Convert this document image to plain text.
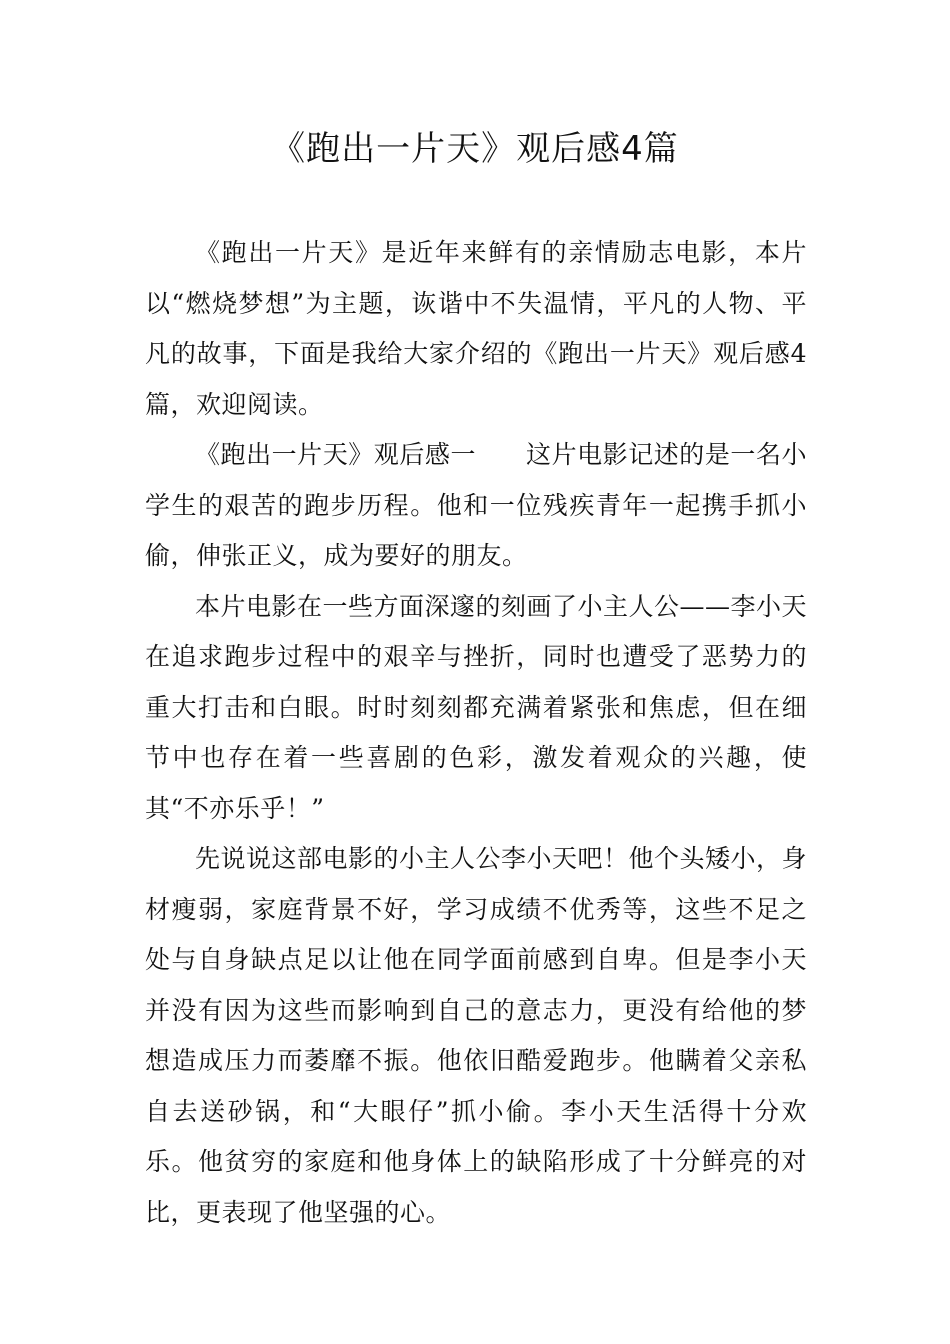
《跑出一片天》观后感4篇

《跑出一片天》是近年来鲜有的亲情励志电影，本片以“燃烧梦想”为主题，诙谐中不失温情，平凡的人物、平凡的故事，下面是我给大家介绍的《跑出一片天》观后感4篇，欢迎阅读。

《跑出一片天》观后感一 这片电影记述的是一名小学生的艰苦的跑步历程。他和一位残疾青年一起携手抓小偷，伸张正义，成为要好的朋友。

本片电影在一些方面深邃的刻画了小主人公——李小天在追求跑步过程中的艰辛与挫折，同时也遭受了恶势力的重大打击和白眼。时时刻刻都充满着紧张和焦虑，但在细节中也存在着一些喜剧的色彩，激发着观众的兴趣，使其“不亦乐乎！”

先说说这部电影的小主人公李小天吧！他个头矮小，身材瘦弱，家庭背景不好，学习成绩不优秀等，这些不足之处与自身缺点足以让他在同学面前感到自卑。但是李小天并没有因为这些而影响到自己的意志力，更没有给他的梦想造成压力而萎靡不振。他依旧酷爱跑步。他瞒着父亲私自去送砂锅，和“大眼仔”抓小偷。李小天生活得十分欢乐。他贫穷的家庭和他身体上的缺陷形成了十分鲜亮的对比，更表现了他坚强的心。
